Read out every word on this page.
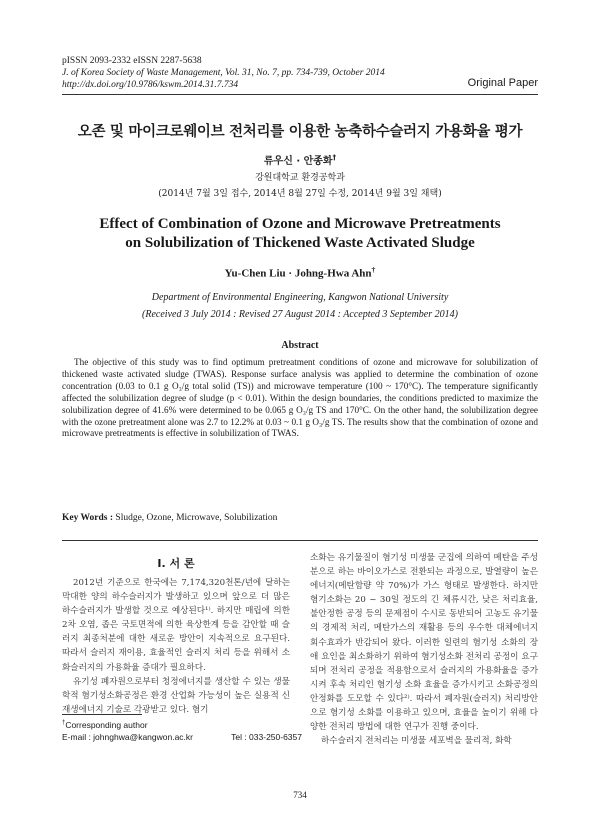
pISSN 2093-2332 eISSN 2287-5638
J. of Korea Society of Waste Management, Vol. 31, No. 7, pp. 734-739, October 2014
http://dx.doi.org/10.9786/kswm.2014.31.7.734	Original Paper
오존 및 마이크로웨이브 전처리를 이용한 농축하수슬러지 가용화율 평가
류우신 · 안종화†
강원대학교 환경공학과
(2014년 7월 3일 접수, 2014년 8월 27일 수정, 2014년 9월 3일 채택)
Effect of Combination of Ozone and Microwave Pretreatments
on Solubilization of Thickened Waste Activated Sludge
Yu-Chen Liu · Johng-Hwa Ahn†
Department of Environmental Engineering, Kangwon National University
(Received 3 July 2014 : Revised 27 August 2014 : Accepted 3 September 2014)
Abstract
The objective of this study was to find optimum pretreatment conditions of ozone and microwave for solubilization of thickened waste activated sludge (TWAS). Response surface analysis was applied to determine the combination of ozone concentration (0.03 to 0.1 g O₃/g total solid (TS)) and microwave temperature (100 ~ 170°C). The temperature significantly affected the solubilization degree of sludge (p < 0.01). Within the design boundaries, the conditions predicted to maximize the solubilization degree of 41.6% were determined to be 0.065 g O₃/g TS and 170°C. On the other hand, the solubilization degree with the ozone pretreatment alone was 2.7 to 12.2% at 0.03 ~ 0.1 g O₃/g TS. The results show that the combination of ozone and microwave pretreatments is effective in solubilization of TWAS.
Key Words : Sludge, Ozone, Microwave, Solubilization
I. 서 론

2012년 기준으로 한국에는 7,174,320천톤/년에 달하는 막대한 양의 하수슬러지가 발생하고 있으며 앞으로 더 많은 하수슬러지가 발생할 것으로 예상된다¹⁾. 하지만 매립에 의한 2차 오염, 좁은 국토면적에 의한 육상한계 등을 감안할 때 슬러지 최종처분에 대한 새로운 방안이 지속적으로 요구된다. 따라서 슬러지 재이용, 효율적인 슬러지 처리 등을 위해서 소화슬러지의 가용화율 증대가 필요하다.

유기성 폐자원으로부터 청정에너지를 생산할 수 있는 생물학적 혐기성소화공정은 환경 산업화 가능성이 높은 실용적 신재생에너지 기술로 각광받고 있다. 혐기

소화는 유기물질이 혐기성 미생물 군집에 의하여 메탄을 주성분으로 하는 바이오가스로 전환되는 과정으로, 발열량이 높은 에너지(메탄함량 약 70%)가 가스 형태로 발생한다. 하지만 혐기소화는 20 ~ 30일 정도의 긴 체류시간, 낮은 처리효율, 불안정한 공정 등의 문제점이 수시로 동반되어 고농도 유기물의 경제적 처리, 메탄가스의 재활용 등의 우수한 대체에너지 회수효과가 반감되어 왔다. 이러한 일련의 혐기성 소화의 장애 요인을 최소화하기 위하여 혐기성소화 전처리 공정이 요구되며 전처리 공정을 적용함으로서 슬러지의 가용화율을 증가시켜 후속 처리인 혐기성 소화 효율을 증가시키고 소화공정의 안정화를 도모할 수 있다²⁾. 따라서 폐자원(슬러지) 처리방안으로 혐기성 소화를 이용하고 있으며, 효율을 높이기 위해 다양한 전처리 방법에 대한 연구가 진행 중이다.

하수슬러지 전처리는 미생물 세포벽을 물리적, 화학

†Corresponding author
E-mail : johnghwa@kangwon.ac.kr	Tel : 033-250-6357
734
